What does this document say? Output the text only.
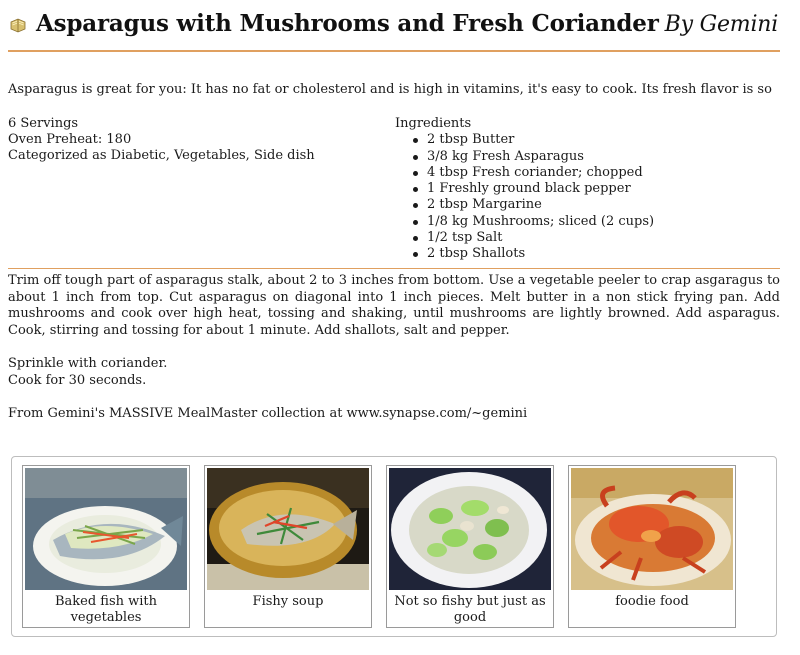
Asparagus with Mushrooms and Fresh Coriander By Gemini
Asparagus is great for you: It has no fat or cholesterol and is high in vitamins, it's easy to cook. Its fresh flavor is so
6 Servings
Oven Preheat: 180
Categorized as Diabetic, Vegetables, Side dish
Ingredients
2 tbsp Butter
3/8 kg Fresh Asparagus
4 tbsp Fresh coriander; chopped
1 Freshly ground black pepper
2 tbsp Margarine
1/8 kg Mushrooms; sliced (2 cups)
1/2 tsp Salt
2 tbsp Shallots

Trim off tough part of asparagus stalk, about 2 to 3 inches from bottom. Use a vegetable peeler to crap asgaragus to about 1 inch from top. Cut asparagus on diagonal into 1 inch pieces. Melt butter in a non stick frying pan. Add mushrooms and cook over high heat, tossing and shaking, until mushrooms are lightly browned. Add asparagus. Cook, stirring and tossing for about 1 minute. Add shallots, salt and pepper.

Sprinkle with coriander.

Cook for 30 seconds.

From Gemini's MASSIVE MealMaster collection at www.synapse.com/~gemini

Baked fish with vegetables
Fishy soup	Not so fishy but just as good
foodie food
